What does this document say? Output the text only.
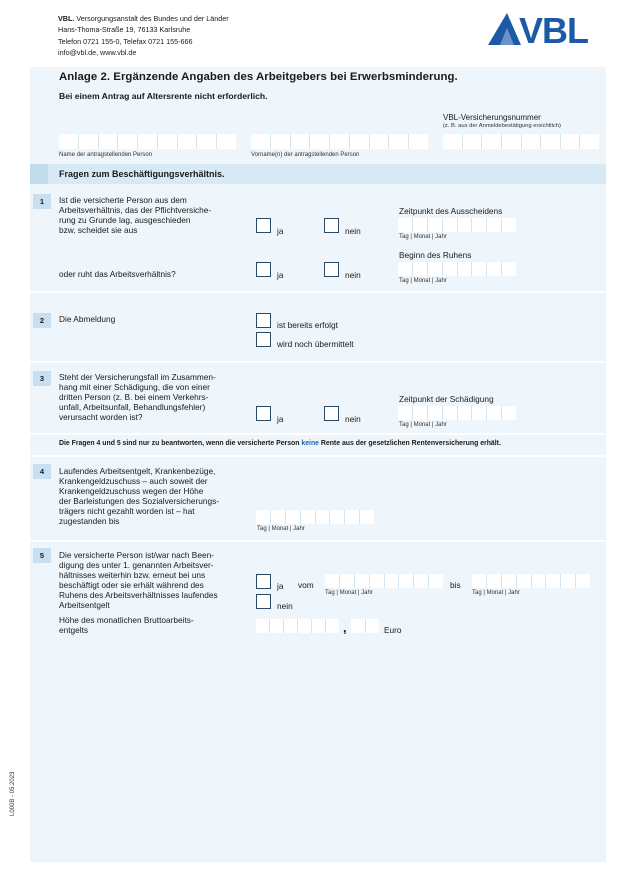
VBL. Versorgungsanstalt des Bundes und der Länder
Hans-Thoma-Straße 19, 76133 Karlsruhe
Telefon 0721 155-0, Telefax 0721 155-666
info@vbl.de, www.vbl.de
VBL
Anlage 2. Ergänzende Angaben des Arbeitgebers bei Erwerbsminderung.
Bei einem Antrag auf Altersrente nicht erforderlich.
VBL-Versicherungsnummer
(z. B. aus der Anmeldebestätigung ersichtlich)
Name der antragstellenden Person	Vorname(n) der antragstellenden Person
Fragen zum Beschäftigungsverhältnis.
1	Ist die versicherte Person aus dem
Arbeitsverhältnis, das der Pflichtversiche-
rung zu Grunde lag, ausgeschieden
bzw. scheidet sie aus	ja	nein
Zeitpunkt des Ausscheidens
Tag | Monat | Jahr
oder ruht das Arbeitsverhältnis?	ja	nein
Beginn des Ruhens
Tag | Monat | Jahr
2	Die Abmeldung
ist bereits erfolgt
wird noch übermittelt
3	Steht der Versicherungsfall im Zusammen-
hang mit einer Schädigung, die von einer
dritten Person (z. B. bei einem Verkehrs-
unfall, Arbeitsunfall, Behandlungsfehler)
verursacht worden ist?	ja	nein
Zeitpunkt der Schädigung
Tag | Monat | Jahr
Die Fragen 4 und 5 sind nur zu beantworten, wenn die versicherte Person keine Rente aus der gesetzlichen Rentenversicherung erhält.
4	Laufendes Arbeitsentgelt, Krankenbezüge,
Krankengeldzuschuss – auch soweit der
Krankengeldzuschuss wegen der Höhe
der Barleistungen des Sozialversicherungs-
trägers nicht gezahlt worden ist – hat
zugestanden bis
Tag | Monat | Jahr
5	Die versicherte Person ist/war nach Been-
digung des unter 1. genannten Arbeitsver-
hältnisses weiterhin bzw. erneut bei uns
beschäftigt oder sie erhält während des
Ruhens des Arbeitsverhältnisses laufendes
Arbeitsentgelt
ja vom
Tag | Monat | Jahr
bis
Tag | Monat | Jahr
nein
Höhe des monatlichen Bruttoarbeits-
entgelts	,	Euro
L000B - 05.2023
